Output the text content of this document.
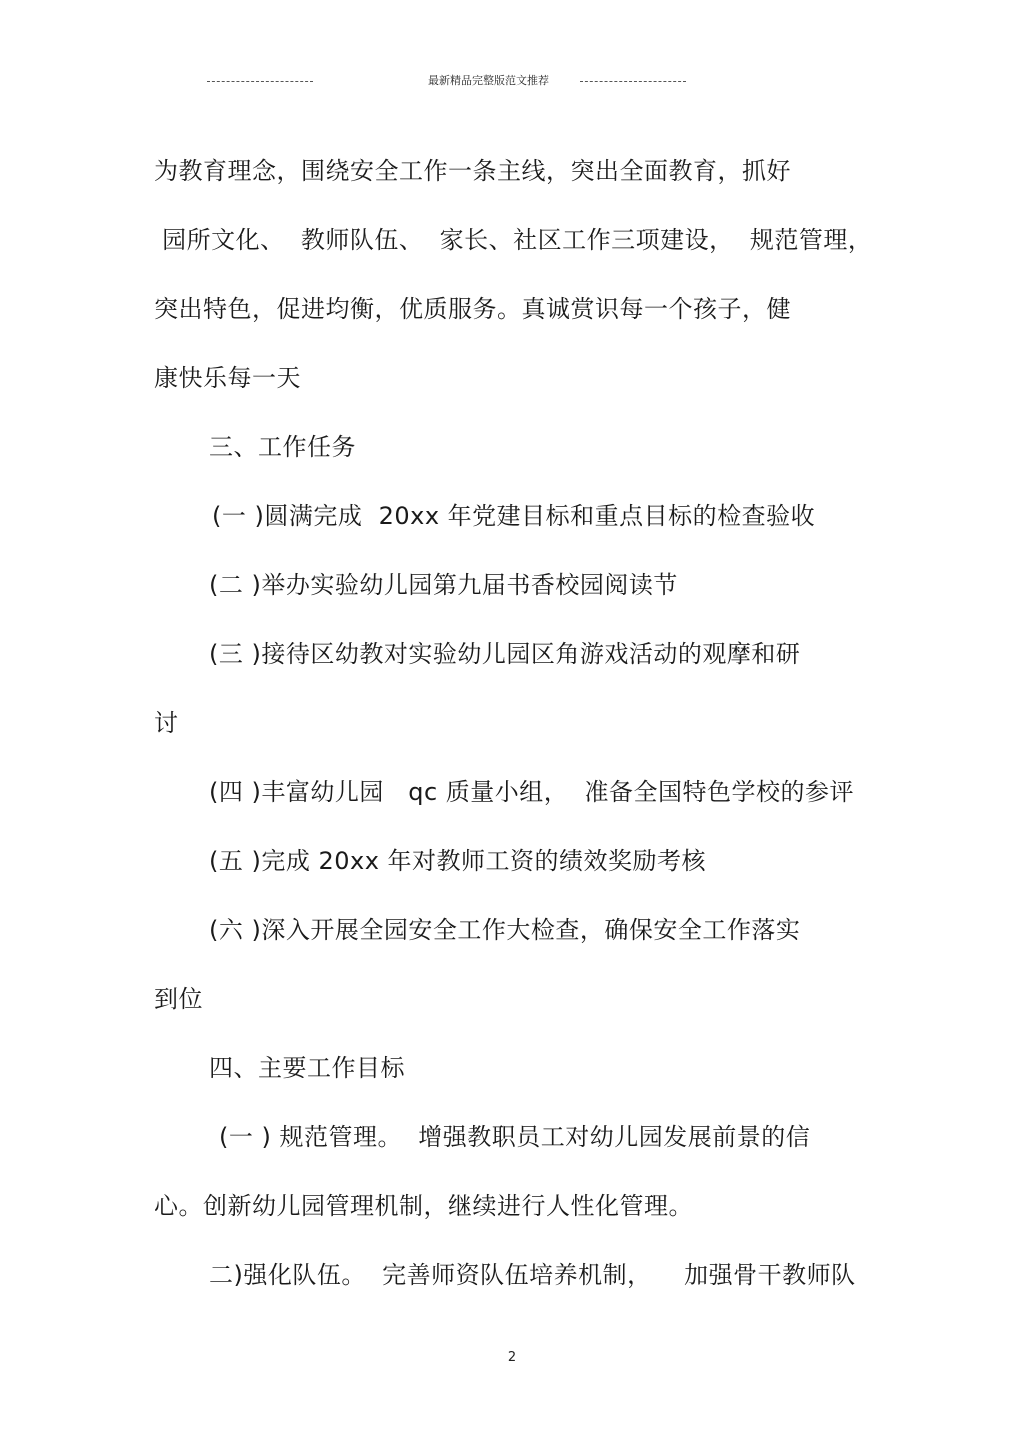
最新精品完整版范文推荐
为教育理念，围绕安全工作一条主线，突出全面教育，抓好
园所文化、  教师队伍、  家长、社区工作三项建设，  规范管理，
突出特色，促进均衡，优质服务。真诚赏识每一个孩子，健
康快乐每一天
三、工作任务
(一 )圆满完成  20xx 年党建目标和重点目标的检查验收
(二 )举办实验幼儿园第九届书香校园阅读节
(三 )接待区幼教对实验幼儿园区角游戏活动的观摩和研
讨
(四 )丰富幼儿园   qc 质量小组，  准备全国特色学校的参评
(五 )完成 20xx 年对教师工资的绩效奖励考核
(六 )深入开展全园安全工作大检查，确保安全工作落实
到位
四、主要工作目标
(一 ) 规范管理。  增强教职员工对幼儿园发展前景的信
心。创新幼儿园管理机制，继续进行人性化管理。
二)强化队伍。  完善师资队伍培养机制，    加强骨干教师队
2
